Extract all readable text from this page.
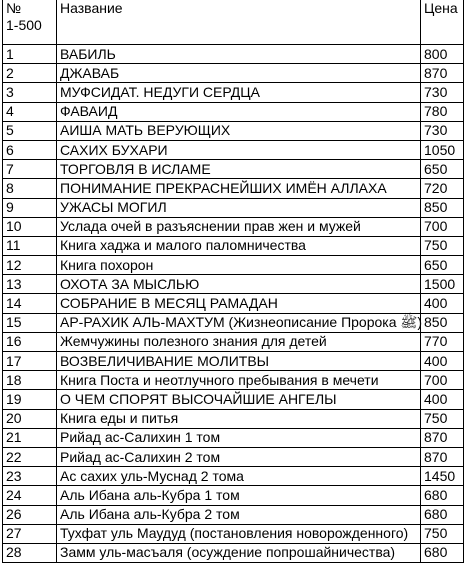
№
1-500	Название	Цена
1	ВАБИЛЬ	800
2	ДЖАВАБ	870
3	МУФСИДАТ. НЕДУГИ СЕРДЦА	730
4	ФАВАИД	780
5	АИША МАТЬ ВЕРУЮЩИХ	730
6	САХИХ БУХАРИ	1050
7	ТОРГОВЛЯ В ИСЛАМЕ	650
8	ПОНИМАНИЕ ПРЕКРАСНЕЙШИХ ИМЁН АЛЛАХА	720
9	УЖАСЫ МОГИЛ	850
10	Услада очей в разъяснении прав жен и мужей	700
11	Книга хаджа и малого паломничества	750
12	Книга похорон	650
13	ОХОТА ЗА МЫСЛЬЮ	1500
14	СОБРАНИЕ В МЕСЯЦ РАМАДАН	400
15	АР-РАХИК АЛЬ-МАХТУМ (Жизнеописание Пророка ﷺ)	850
16	Жемчужины полезного знания для детей	770
17	ВОЗВЕЛИЧИВАНИЕ МОЛИТВЫ	400
18	Книга Поста и неотлучного пребывания в мечети	700
19	О ЧЕМ СПОРЯТ ВЫСОЧАЙШИЕ АНГЕЛЫ	400
20	Книга еды и питья	750
21	Рийад ас-Салихин 1 том	870
22	Рийад ас-Салихин 2 том	870
23	Ас сахих уль-Муснад 2 тома	1450
24	Аль Ибана аль-Кубра 1 том	680
26	Аль Ибана аль-Кубра 2 том	680
27	Тухфат уль Маудуд (постановления новорожденного)	750
28	Замм уль-масъаля (осуждение попрошайничества)	680
